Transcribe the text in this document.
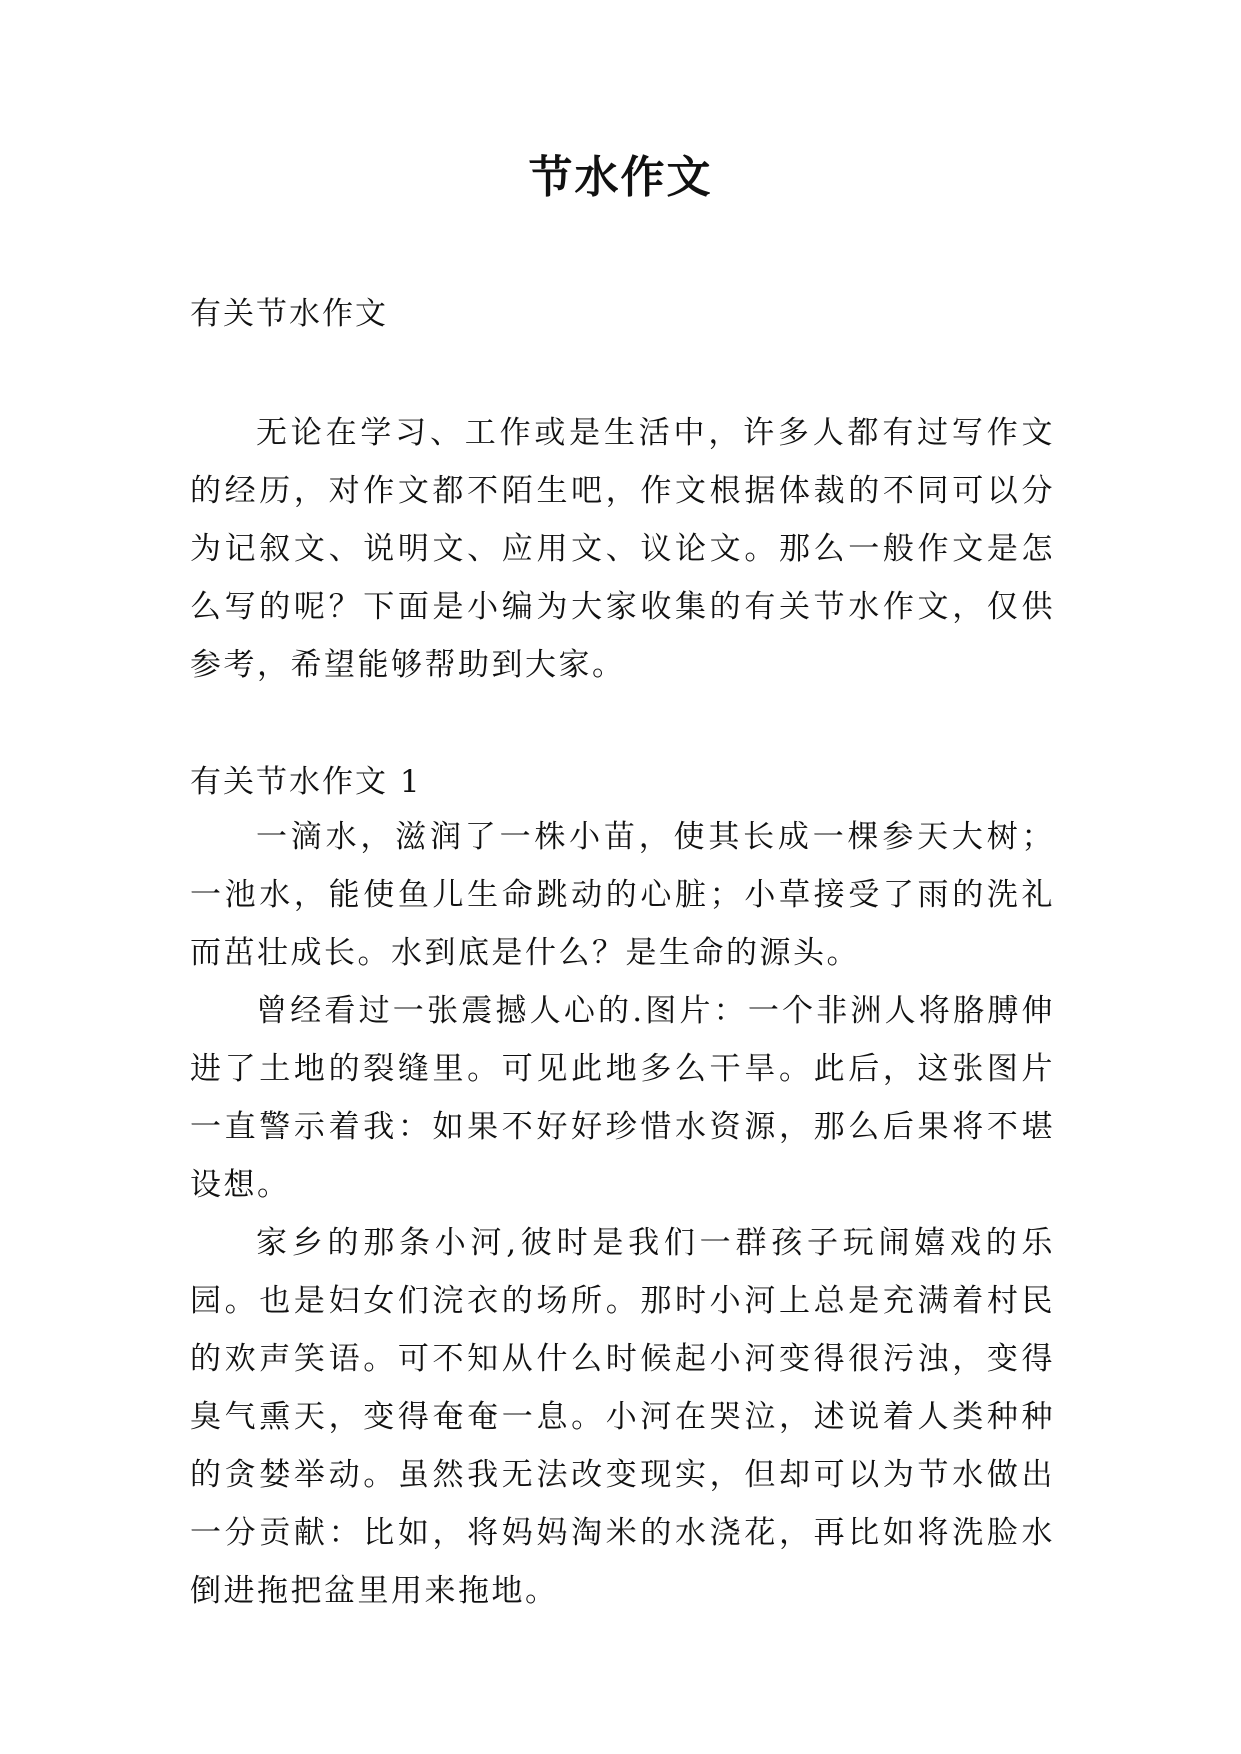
节水作文

有关节水作文

无论在学习、工作或是生活中，许多人都有过写作文的经历，对作文都不陌生吧，作文根据体裁的不同可以分为记叙文、说明文、应用文、议论文。那么一般作文是怎么写的呢？下面是小编为大家收集的有关节水作文，仅供参考，希望能够帮助到大家。

有关节水作文 1

一滴水，滋润了一株小苗，使其长成一棵参天大树；一池水，能使鱼儿生命跳动的心脏；小草接受了雨的洗礼而茁壮成长。水到底是什么？是生命的源头。

曾经看过一张震撼人心的.图片：一个非洲人将胳膊伸进了土地的裂缝里。可见此地多么干旱。此后，这张图片一直警示着我：如果不好好珍惜水资源，那么后果将不堪设想。

家乡的那条小河,彼时是我们一群孩子玩闹嬉戏的乐园。也是妇女们浣衣的场所。那时小河上总是充满着村民的欢声笑语。可不知从什么时候起小河变得很污浊，变得臭气熏天，变得奄奄一息。小河在哭泣，述说着人类种种的贪婪举动。虽然我无法改变现实，但却可以为节水做出一分贡献：比如，将妈妈淘米的水浇花，再比如将洗脸水倒进拖把盆里用来拖地。
